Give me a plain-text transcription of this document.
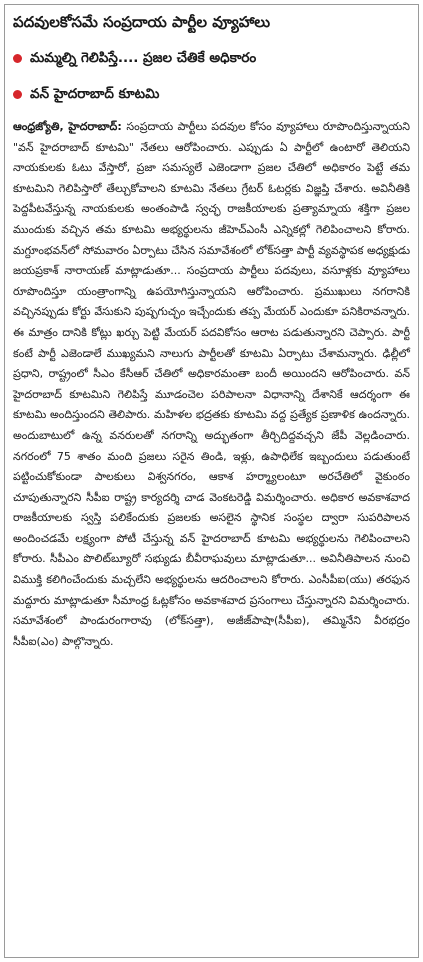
పదవులకోసమే సంప్రదాయ పార్టీల వ్యూహాలు
మమ్మల్ని గెలిపిస్తే.... ప్రజల చేతికే అధికారం
వన్ హైదరాబాద్ కూటమి

ఆంధ్రజ్యోతి, హైదరాబాద్: సంప్రదాయ పార్టీలు పదవుల కోసం వ్యూహాలు రూపొందిస్తున్నాయని "వన్ హైదరాబాద్ కూటమి" నేతలు ఆరోపించారు. ఎప్పుడు ఏ పార్టీలో ఉంటారో తెలియని నాయకులకు ఓటు వేస్తారో, ప్రజా సమస్యలే ఎజెండాగా ప్రజల చేతిలో అధికారం పెట్టే తమ కూటమిని గెలిపిస్తారో తేల్చుకోవాలని కూటమి నేతలు గ్రేటర్ ఓటర్లకు విజ్ఞప్తి చేశారు. అవినీతికి పెద్దపీటవేస్తున్న నాయకులకు అంతంపాడి స్వచ్ఛ రాజకీయాలకు ప్రత్యామ్నాయ శక్తిగా ప్రజల ముందుకు వచ్చిన తమ కూటమి అభ్యర్థులను జీహెచ్ఎంసీ ఎన్నికల్లో గెలిపించాలని కోరారు. మగ్దూంభవన్‌లో సోమవారం ఏర్పాటు చేసిన సమావేశంలో లోక్‌సత్తా పార్టీ వ్యవస్థాపక అధ్యక్షుడు జయప్రకాశ్ నారాయణ్ మాట్లాడుతూ... సంప్రదాయ పార్టీలు పదవులు, వసూళ్లకు వ్యూహాలు రూపొందిస్తూ యంత్రాంగాన్ని ఉపయోగిస్తున్నాయని ఆరోపించారు. ప్రముఖులు నగరానికి వచ్చినప్పుడు కోర్టు వేసుకుని పుష్పగుచ్ఛం ఇచ్చేందుకు తప్ప మేయర్ ఎందుకూ పనికిరావన్నారు. ఈ మాత్రం దానికి కోట్లు ఖర్చు పెట్టి మేయర్ పదవికోసం ఆరాట పడుతున్నారని చెప్పారు. పార్టీ కంటే పార్టీ ఎజెండాలే ముఖ్యమని నాలుగు పార్టీలతో కూటమి ఏర్పాటు చేశామన్నారు. ఢిల్లీలో ప్రధాని, రాష్ట్రంలో సీఎం కేసీఆర్ చేతిలో అధికారమంతా బందీ అయిందని ఆరోపించారు. వన్ హైదరాబాద్ కూటమిని గెలిపిస్తే మూడంచెల పరిపాలనా విధానాన్ని దేశానికే ఆదర్శంగా ఈ కూటమి అందిస్తుందని తెలిపారు. మహిళల భద్రతకు కూటమి వద్ద ప్రత్యేక ప్రణాళిక ఉందన్నారు. అందుబాటులో ఉన్న వనరులతో నగరాన్ని అద్భుతంగా తీర్చిదిద్దవచ్చని జేపీ వెల్లడించారు. నగరంలో 75 శాతం మంది ప్రజలు సరైన తిండి, ఇళ్లు, ఉపాధిలేక ఇబ్బందులు పడుతుంటే పట్టించుకోకుండా పాలకులు విశ్వనగరం, ఆకాశ హర్మ్యాలంటూ అరచేతిలో వైకుంఠం చూపుతున్నారని సీపీఐ రాష్ట్ర కార్యదర్శి చాడ వెంకటరెడ్డి విమర్శించారు. అధికార అవకాశవాద రాజకీయాలకు స్వస్తి పలికేందుకు ప్రజలకు అసలైన స్థానిక సంస్థల ద్వారా సుపరిపాలన అందించడమే లక్ష్యంగా పోటీ చేస్తున్న వన్ హైదరాబాద్ కూటమి అభ్యర్థులను గెలిపించాలని కోరారు. సీపీఎం పొలిట్‌బ్యూరో సభ్యుడు బీవీరాఘవులు మాట్లాడుతూ... అవినీతిపాలన నుంచి విముక్తి కలిగించేందుకు మచ్చలేని అభ్యర్థులను ఆదరించాలని కోరారు. ఎంసీపీఐ(యు) తరఫున మద్దూరు మాట్లాడుతూ సీమాంధ్ర ఓట్లకోసం అవకాశవాద ప్రసంగాలు చేస్తున్నారని విమర్శించారు. సమావేశంలో పాండురంగారావు (లోక్‌సత్తా), అజీజ్‌పాషా(సీపీఐ), తమ్మినేని వీరభద్రం సీపీఐ(ఎం) పాల్గొన్నారు.
